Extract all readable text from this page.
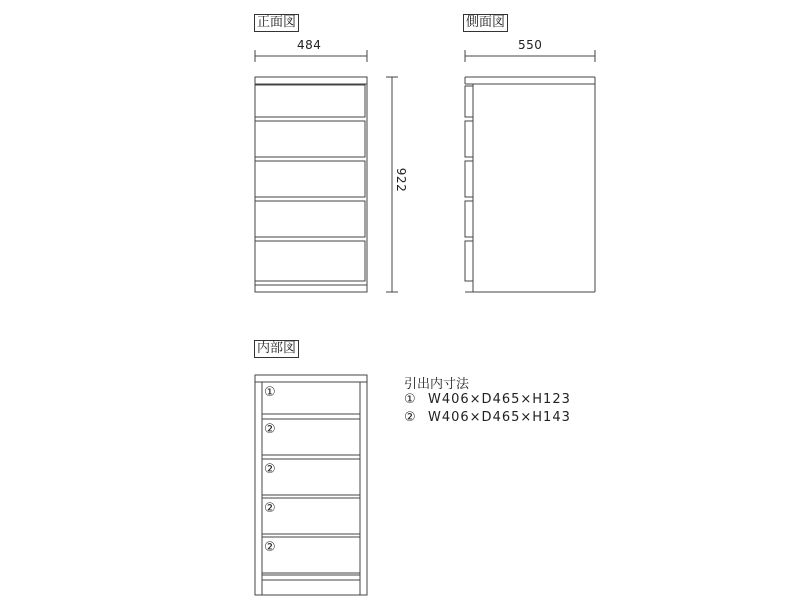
正面図	側面図
内部図
484	550
922
①
②
②
②
②
引出内寸法
① W406×D465×H123
② W406×D465×H143
